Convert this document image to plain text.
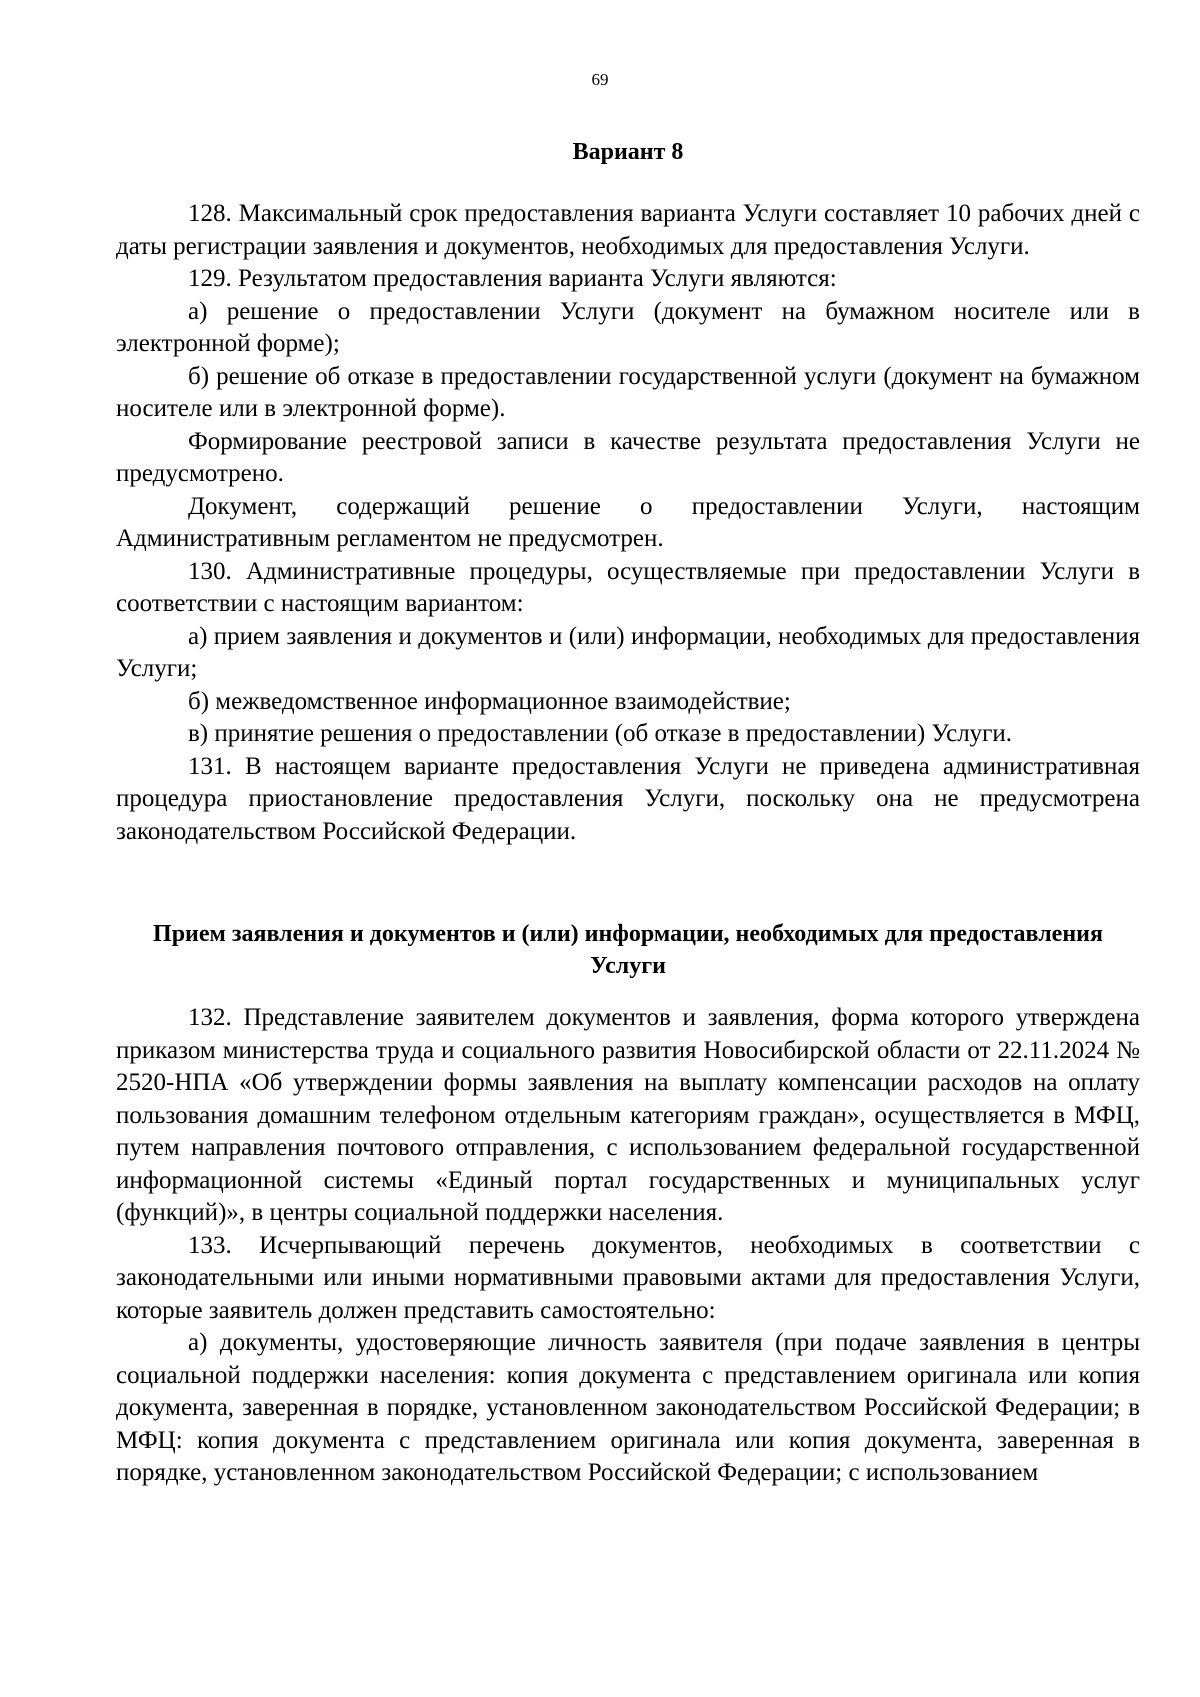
69
Вариант 8

128. Максимальный срок предоставления варианта Услуги составляет 10 рабочих дней с даты регистрации заявления и документов, необходимых для предоставления Услуги.

129. Результатом предоставления варианта Услуги являются:

а) решение о предоставлении Услуги (документ на бумажном носителе или в электронной форме);

б) решение об отказе в предоставлении государственной услуги (документ на бумажном носителе или в электронной форме).

Формирование реестровой записи в качестве результата предоставления Услуги не предусмотрено.

Документ, содержащий решение о предоставлении Услуги, настоящим Административным регламентом не предусмотрен.

130. Административные процедуры, осуществляемые при предоставлении Услуги в соответствии с настоящим вариантом:

а) прием заявления и документов и (или) информации, необходимых для предоставления Услуги;

б) межведомственное информационное взаимодействие;

в) принятие решения о предоставлении (об отказе в предоставлении) Услуги.

131. В настоящем варианте предоставления Услуги не приведена административная процедура приостановление предоставления Услуги, поскольку она не предусмотрена законодательством Российской Федерации.

Прием заявления и документов и (или) информации, необходимых для предоставления Услуги

132. Представление заявителем документов и заявления, форма которого утверждена приказом министерства труда и социального развития Новосибирской области от 22.11.2024 № 2520-НПА «Об утверждении формы заявления на выплату компенсации расходов на оплату пользования домашним телефоном отдельным категориям граждан», осуществляется в МФЦ, путем направления почтового отправления, с использованием федеральной государственной информационной системы «Единый портал государственных и муниципальных услуг (функций)», в центры социальной поддержки населения.

133. Исчерпывающий перечень документов, необходимых в соответствии с законодательными или иными нормативными правовыми актами для предоставления Услуги, которые заявитель должен представить самостоятельно:

а) документы, удостоверяющие личность заявителя (при подаче заявления в центры социальной поддержки населения: копия документа с представлением оригинала или копия документа, заверенная в порядке, установленном законодательством Российской Федерации; в МФЦ: копия документа с представлением оригинала или копия документа, заверенная в порядке, установленном законодательством Российской Федерации; с использованием
